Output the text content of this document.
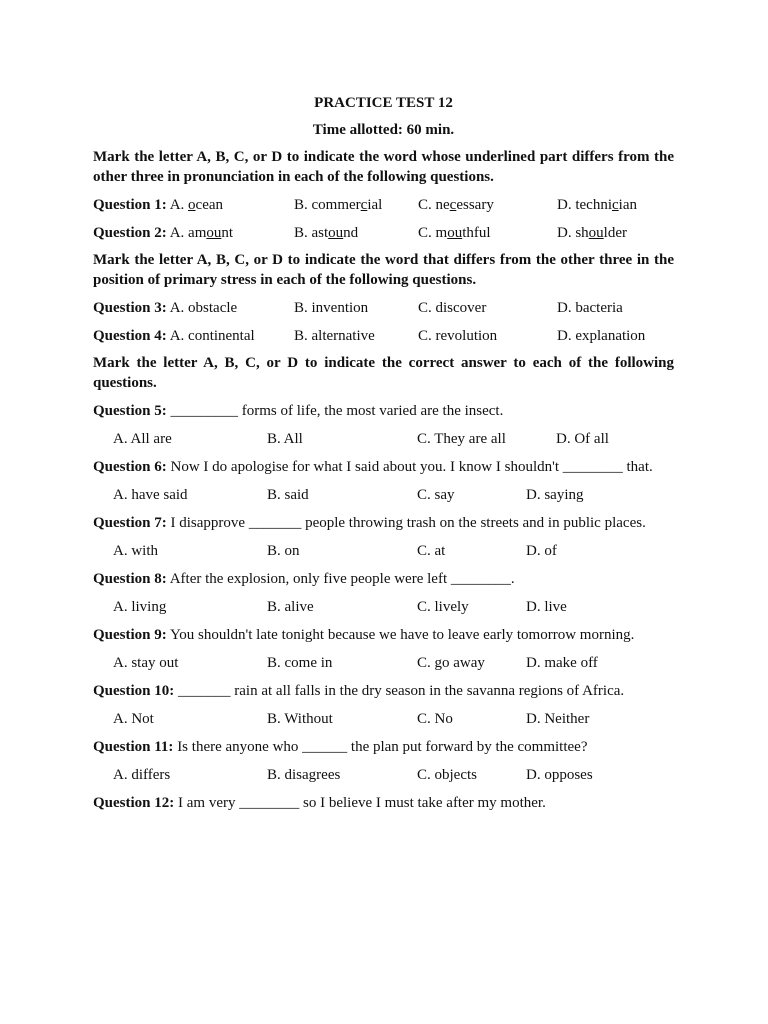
PRACTICE TEST 12

Time allotted: 60 min.

Mark the letter A, B, C, or D to indicate the word whose underlined part differs from the other three in pronunciation in each of the following questions.

Question 1: A. ocean	B. commercial	C. necessary	D. technician
Question 2: A. amount	B. astound	C. mouthful	D. shoulder

Mark the letter A, B, C, or D to indicate the word that differs from the other three in the position of primary stress in each of the following questions.

Question 3: A. obstacle	B. invention	C. discover	D. bacteria
Question 4: A. continental	B. alternative	C. revolution	D. explanation

Mark the letter A, B, C, or D to indicate the correct answer to each of the following questions.

Question 5: _________ forms of life, the most varied are the insect.

A. All are	B. All	C. They are all	D. Of all

Question 6: Now I do apologise for what I said about you. I know I shouldn't ________ that.

A. have said	B. said	C. say	D. saying

Question 7: I disapprove _______ people throwing trash on the streets and in public places.

A. with	B. on	C. at	D. of

Question 8: After the explosion, only five people were left ________.

A. living	B. alive	C. lively	D. live

Question 9: You shouldn't late tonight because we have to leave early tomorrow morning.

A. stay out	B. come in	C. go away	D. make off

Question 10: _______ rain at all falls in the dry season in the savanna regions of Africa.

A. Not	B. Without	C. No	D. Neither

Question 11: Is there anyone who ______ the plan put forward by the committee?

A. differs	B. disagrees	C. objects	D. opposes

Question 12: I am very ________ so I believe I must take after my mother.
